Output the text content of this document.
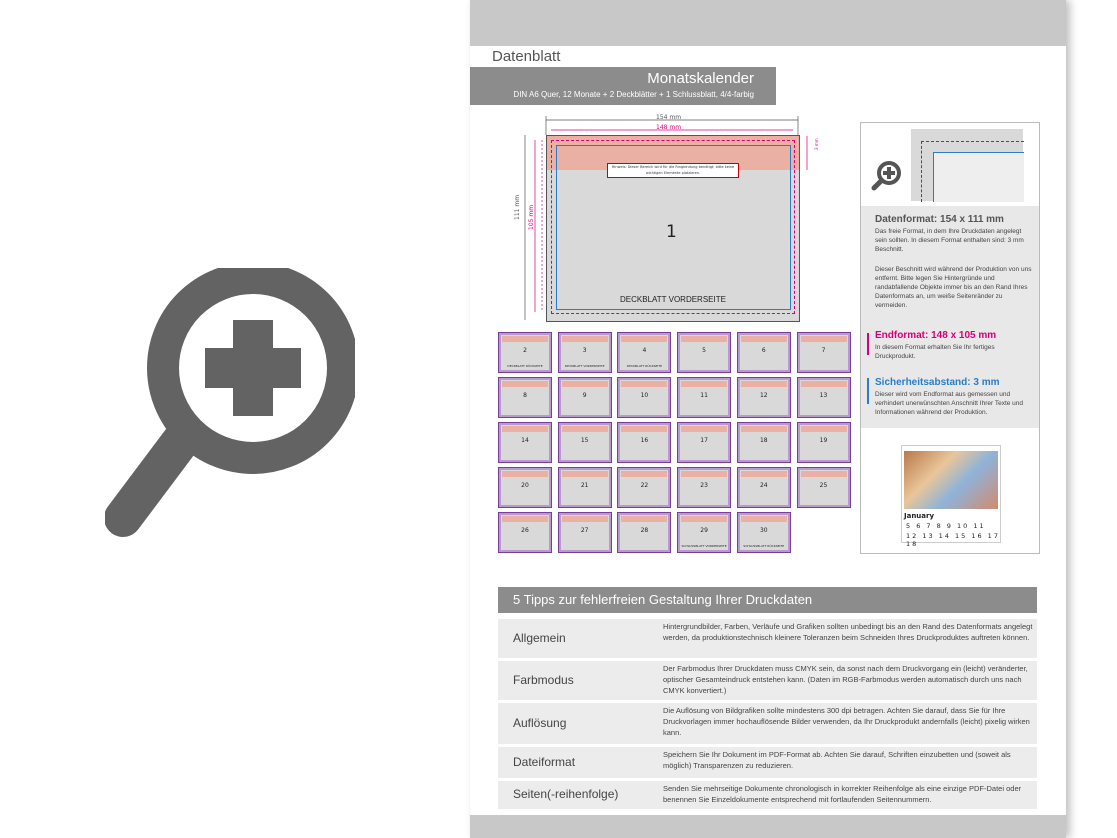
Datenblatt
Monatskalender
DIN A6 Quer, 12 Monate + 2 Deckblätter + 1 Schlussblatt, 4/4-farbig
154 mm
148 mm
111 mm 105 mm
3 mm
Hinweis: Dieser Bereich wird für die Ringbindung benötigt; bitte keine wichtigen Elemente platzieren.
1
DECKBLATT VORDERSEITE
2
DECKBLATT RÜCKSEITE
3
DECKBLATT VORDERSEITE
4
DECKBLATT RÜCKSEITE
5	6	7
8	9	10	11	12	13
14	15	16	17	18	19
20	21	22	23	24	25
26	27	28	29
SCHLUSSBLATT VORDERSEITE
30
SCHLUSSBLATT RÜCKSEITE
Datenformat: 154 x 111 mm
Das freie Format, in dem Ihre Druckdaten angelegt sein sollten. In diesem Format enthalten sind: 3 mm Beschnitt.
Dieser Beschnitt wird während der Produktion von uns entfernt. Bitte legen Sie Hintergründe und randabfallende Objekte immer bis an den Rand Ihres Datenformats an, um weiße Seitenränder zu vermeiden.
Endformat: 148 x 105 mm
In diesem Format erhalten Sie Ihr fertiges Druckprodukt.
Sicherheitsabstand: 3 mm
Dieser wird vom Endformat aus gemessen und verhindert unerwünschten Anschnitt Ihrer Texte und Informationen während der Produktion.
January
5 6 7 8 9 10 11
12 13 14 15 16 17 18
5 Tipps zur fehlerfreien Gestaltung Ihrer Druckdaten
Allgemein
Hintergrundbilder, Farben, Verläufe und Grafiken sollten unbedingt bis an den Rand des Datenformats angelegt werden, da produktionstechnisch kleinere Toleranzen beim Schneiden Ihres Druckproduktes auftreten können.
Farbmodus
Der Farbmodus Ihrer Druckdaten muss CMYK sein, da sonst nach dem Druckvorgang ein (leicht) veränderter, optischer Gesamteindruck entstehen kann. (Daten im RGB-Farbmodus werden automatisch durch uns nach CMYK konvertiert.)
Auflösung
Die Auflösung von Bildgrafiken sollte mindestens 300 dpi betragen. Achten Sie darauf, dass Sie für Ihre Druckvorlagen immer hochauflösende Bilder verwenden, da Ihr Druckprodukt andernfalls (leicht) pixelig wirken kann.
Dateiformat	Speichern Sie Ihr Dokument im PDF-Format ab. Achten Sie darauf, Schriften einzubetten und (soweit als möglich) Transparenzen zu reduzieren.
Seiten(-reihenfolge)	Senden Sie mehrseitige Dokumente chronologisch in korrekter Reihenfolge als eine einzige PDF-Datei oder benennen Sie Einzeldokumente entsprechend mit fortlaufenden Seitennummern.
